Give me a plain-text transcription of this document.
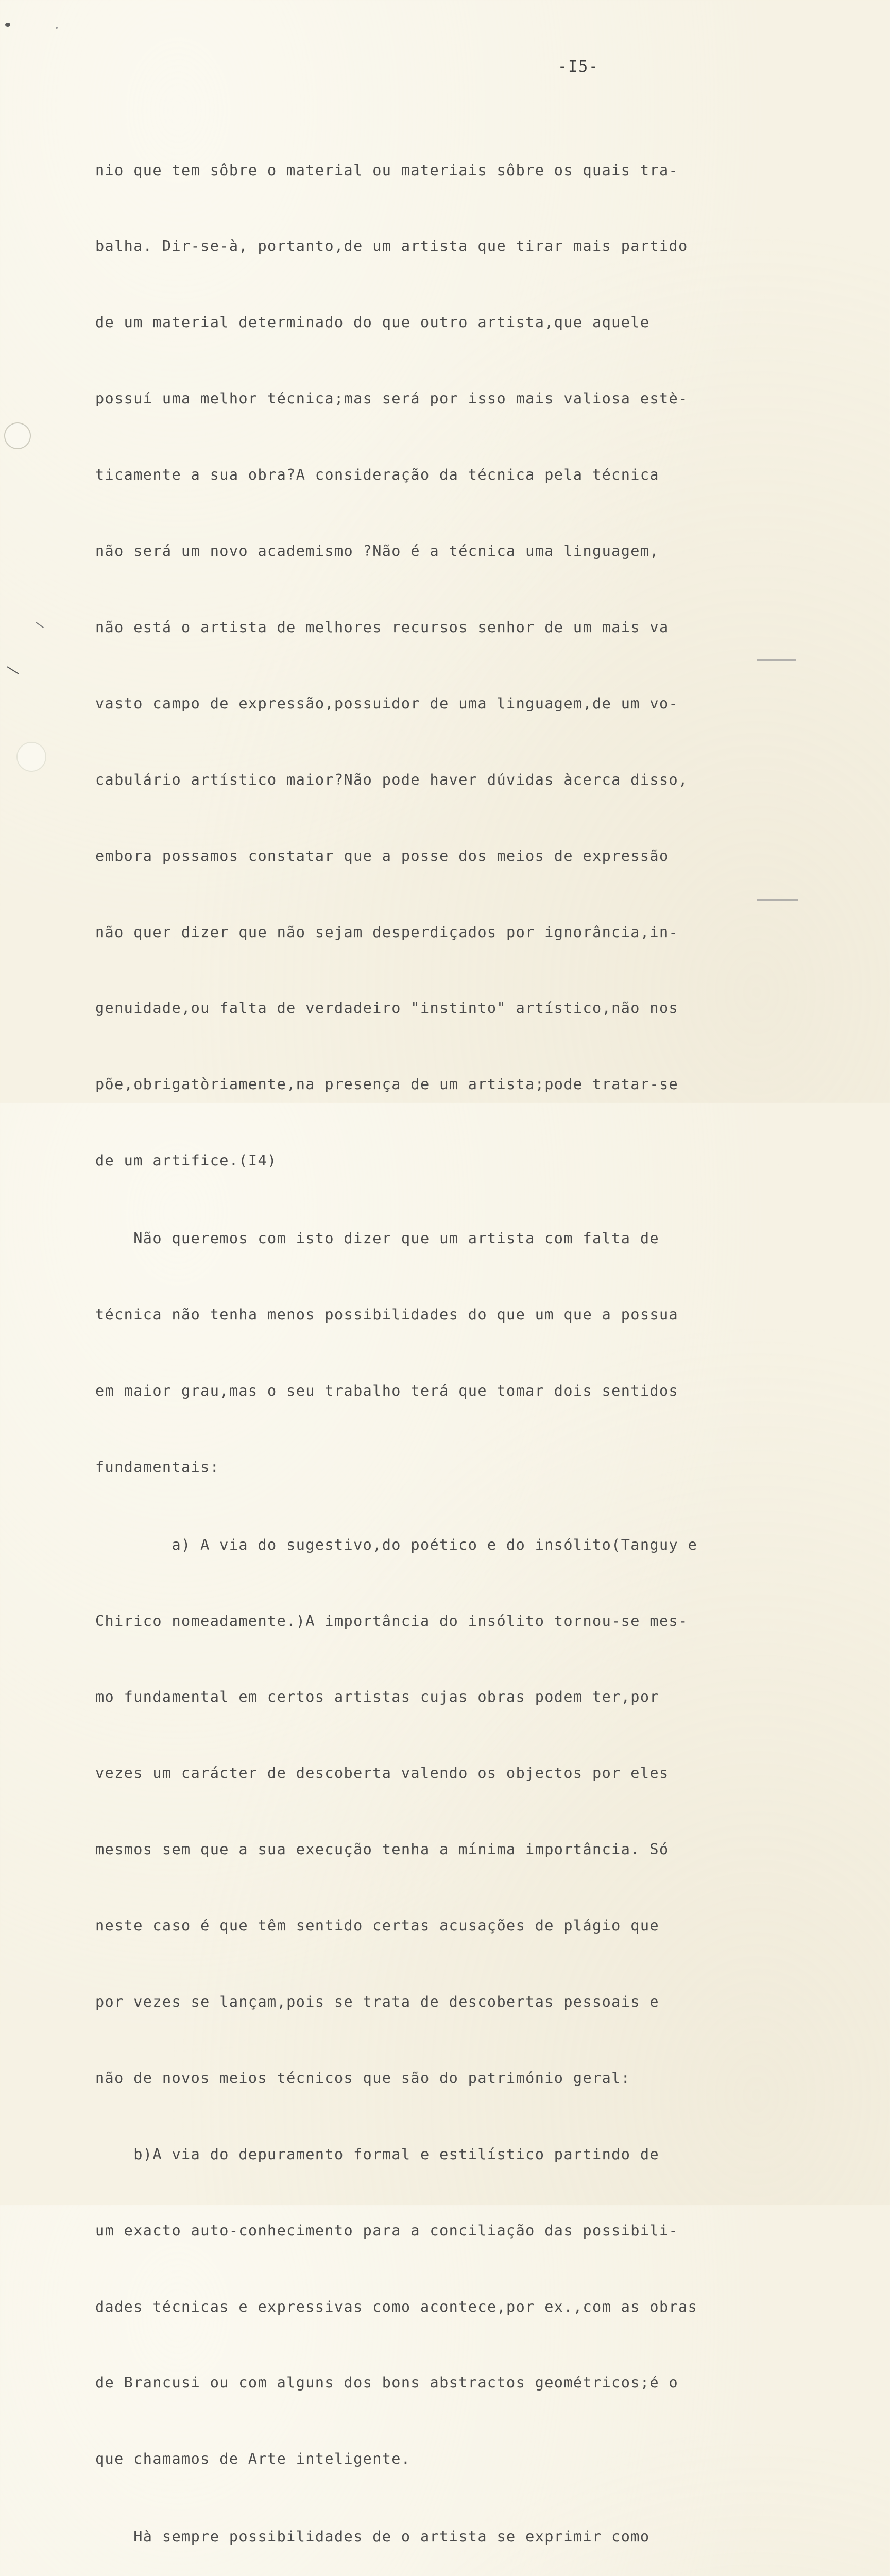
-I5-

nio que tem sôbre o material ou materiais sôbre os quais tra-

balha. Dir-se-à, portanto,de um artista que tirar mais partido

de um material determinado do que outro artista,que aquele

possuí uma melhor técnica;mas será por isso mais valiosa estè-

ticamente a sua obra?A consideração da técnica pela técnica

não será um novo academismo ?Não é a técnica uma linguagem,

não está o artista de melhores recursos senhor de um mais va

vasto campo de expressão,possuidor de uma linguagem,de um vo-

cabulário artístico maior?Não pode haver dúvidas àcerca disso,

embora possamos constatar que a posse dos meios de expressão

não quer dizer que não sejam desperdiçados por ignorância,in-

genuidade,ou falta de verdadeiro "instinto" artístico,não nos

põe,obrigatòriamente,na presença de um artista;pode tratar-se

de um artifice.(I4)

Não queremos com isto dizer que um artista com falta de

técnica não tenha menos possibilidades do que um que a possua

em maior grau,mas o seu trabalho terá que tomar dois sentidos

fundamentais:

a) A via do sugestivo,do poético e do insólito(Tanguy e

Chirico nomeadamente.)A importância do insólito tornou-se mes-

mo fundamental em certos artistas cujas obras podem ter,por

vezes um carácter de descoberta valendo os objectos por eles

mesmos sem que a sua execução tenha a mínima importância. Só

neste caso é que têm sentido certas acusações de plágio que

por vezes se lançam,pois se trata de descobertas pessoais e

não de novos meios técnicos que são do património geral:

b)A via do depuramento formal e estilístico partindo de

um exacto auto-conhecimento para a conciliação das possibili-

dades técnicas e expressivas como acontece,por ex.,com as obras

de Brancusi ou com alguns dos bons abstractos geométricos;é o

que chamamos de Arte inteligente.

Hà sempre possibilidades de o artista se exprimir como
